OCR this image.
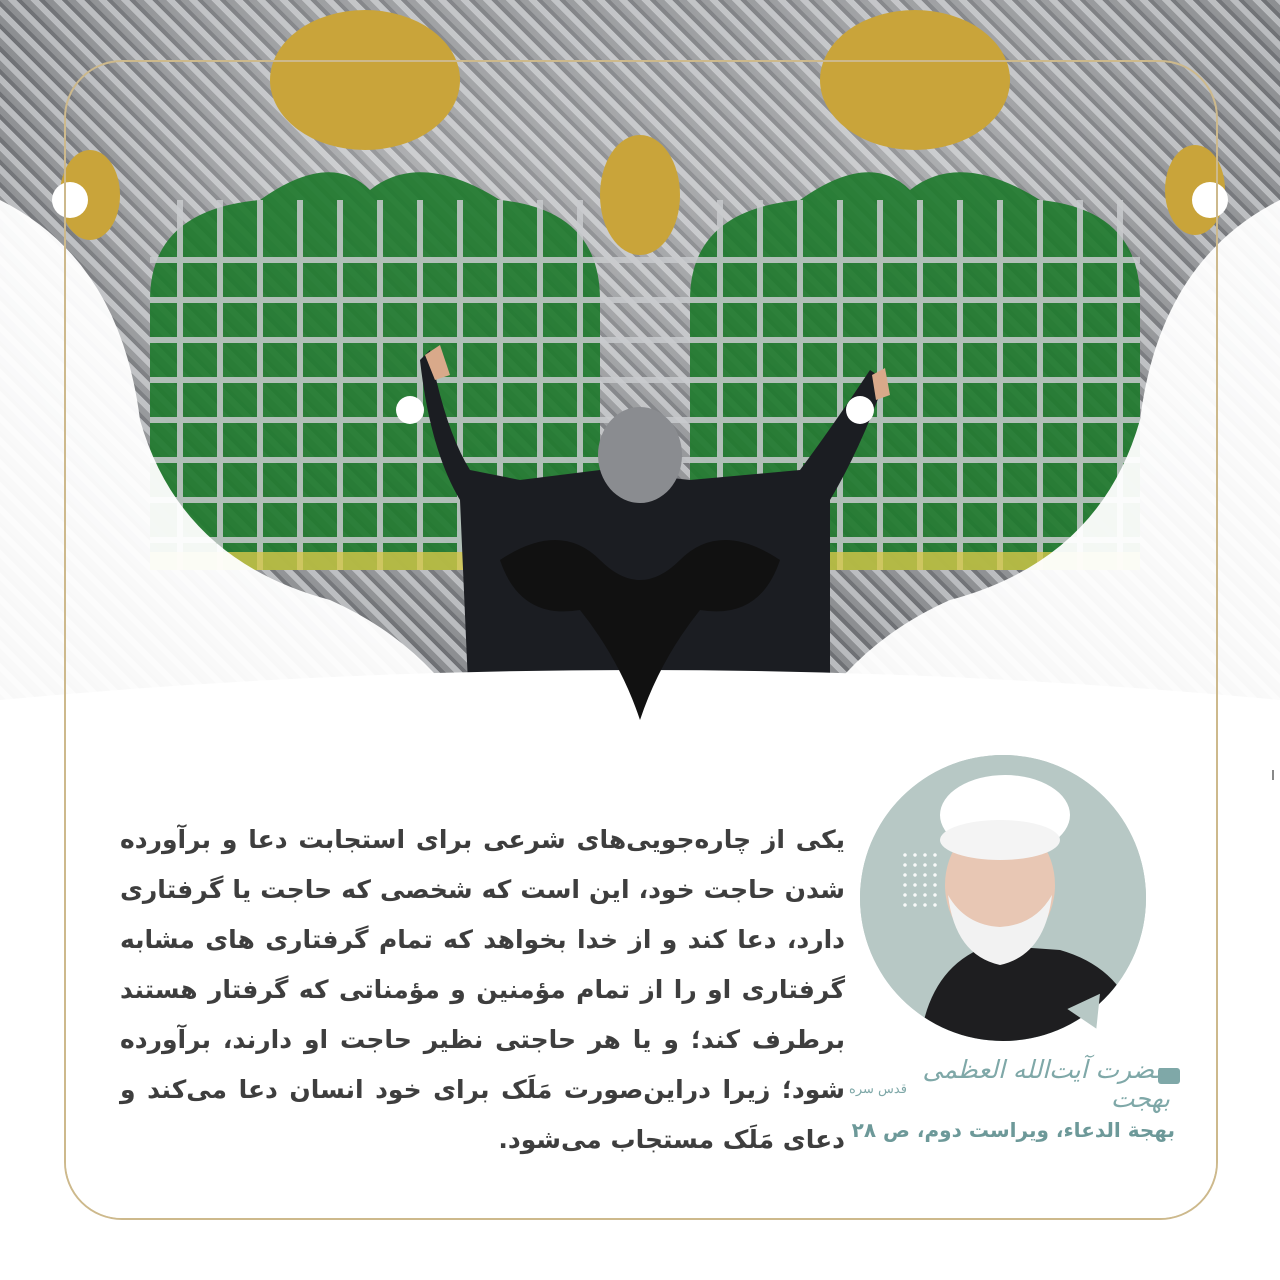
یکی از چاره‌جویی‌های شرعی برای استجابت دعا و برآورده شدن حاجت خود، این است که شخصی که حاجت یا گرفتاری دارد، دعا کند و از خدا بخواهد که تمام گرفتاری های مشابه گرفتاری او را از تمام مؤمنین و مؤمناتی که گرفتار هستند برطرف کند؛ و یا هر حاجتی نظیر حاجت او دارند، برآورده شود؛ زیرا دراین‌صورت مَلَک برای خود انسان دعا می‌کند و دعای مَلَک مستجاب می‌شود.

حضرت آیت‌الله العظمی بهجت
قدس سره
بهجة الدعاء، ویراست دوم، ص ۲۸
